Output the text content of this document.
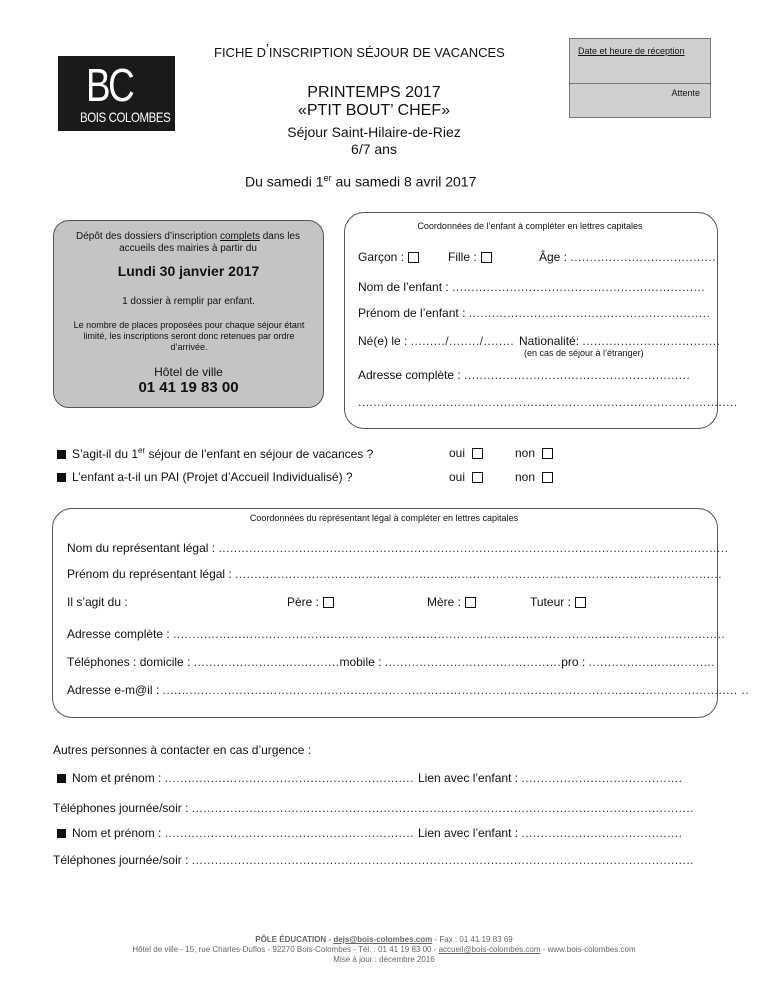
FICHE D’INSCRIPTION SÉJOUR DE VACANCES
BC
BOIS COLOMBES
Date et heure de réception
Attente
PRINTEMPS 2017
«PTIT BOUT’ CHEF»
Séjour Saint-Hilaire-de-Riez
6/7 ans
Du samedi 1er au samedi 8 avril 2017
Dépôt des dossiers d’inscription complets dans les accueils des mairies à partir du
Lundi 30 janvier 2017
1 dossier à remplir par enfant.
Le nombre de places proposées pour chaque séjour étant limité, les inscriptions seront donc retenues par ordre d’arrivée.
Hôtel de ville
01 41 19 83 00
Coordonnées de l’enfant à compléter en lettres capitales
Garçon :	Fille :	Âge : ......................................
Nom de l’enfant : ..................................................................
Prénom de l’enfant : ...............................................................
Né(e) le : ........./......../........ Nationalité: ....................................
(en cas de séjour à l’étranger)
Adresse complète : ...........................................................
...................................................................................................
S’agit-il du 1er séjour de l’enfant en séjour de vacances ?	oui	non
L’enfant a-t-il un PAI (Projet d’Accueil Individualisé) ?	oui	non
Coordonnées du représentant légal à compléter en lettres capitales
Nom du représentant légal : .....................................................................................................................................
Prénom du représentant légal : ...............................................................................................................................
Il s’agit du :	Père :	Mère :	Tuteur :
Adresse complète : ................................................................................................................................................
Téléphones : domicile : ......................................mobile : ..............................................pro : .................................
Adresse e-m@il : ...................................................................................................................................................... ..
Autres personnes à contacter en cas d’urgence :
Nom et prénom : ................................................................. Lien avec l’enfant : ..........................................
Téléphones journée/soir : ...................................................................................................................................
Nom et prénom : ................................................................. Lien avec l’enfant : ..........................................
Téléphones journée/soir : ...................................................................................................................................
PÔLE ÉDUCATION - dejs@bois-colombes.com - Fax : 01 41 19 83 69
Hôtel de ville - 15, rue Charles-Duflos - 92270 Bois-Colombes - Tél. : 01 41 19 83 00 - accueil@bois-colombes.com - www.bois-colombes.com
Mise à jour : décembre 2016
